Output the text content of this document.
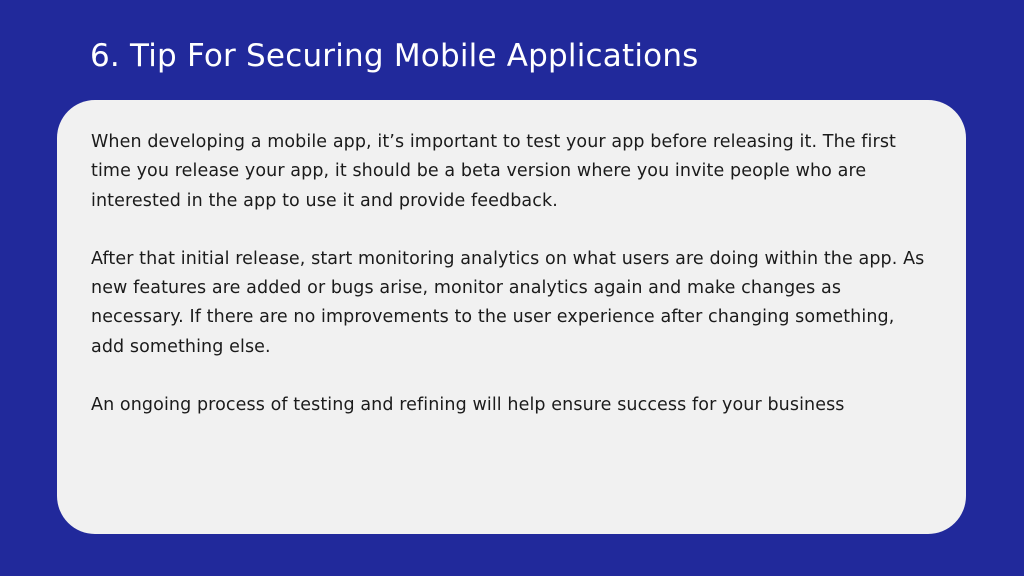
6. Tip For Securing Mobile Applications

When developing a mobile app, it’s important to test your app before releasing it. The first time you release your app, it should be a beta version where you invite people who are interested in the app to use it and provide feedback.

After that initial release, start monitoring analytics on what users are doing within the app. As new features are added or bugs arise, monitor analytics again and make changes as necessary. If there are no improvements to the user experience after changing something, add something else.

An ongoing process of testing and refining will help ensure success for your business
